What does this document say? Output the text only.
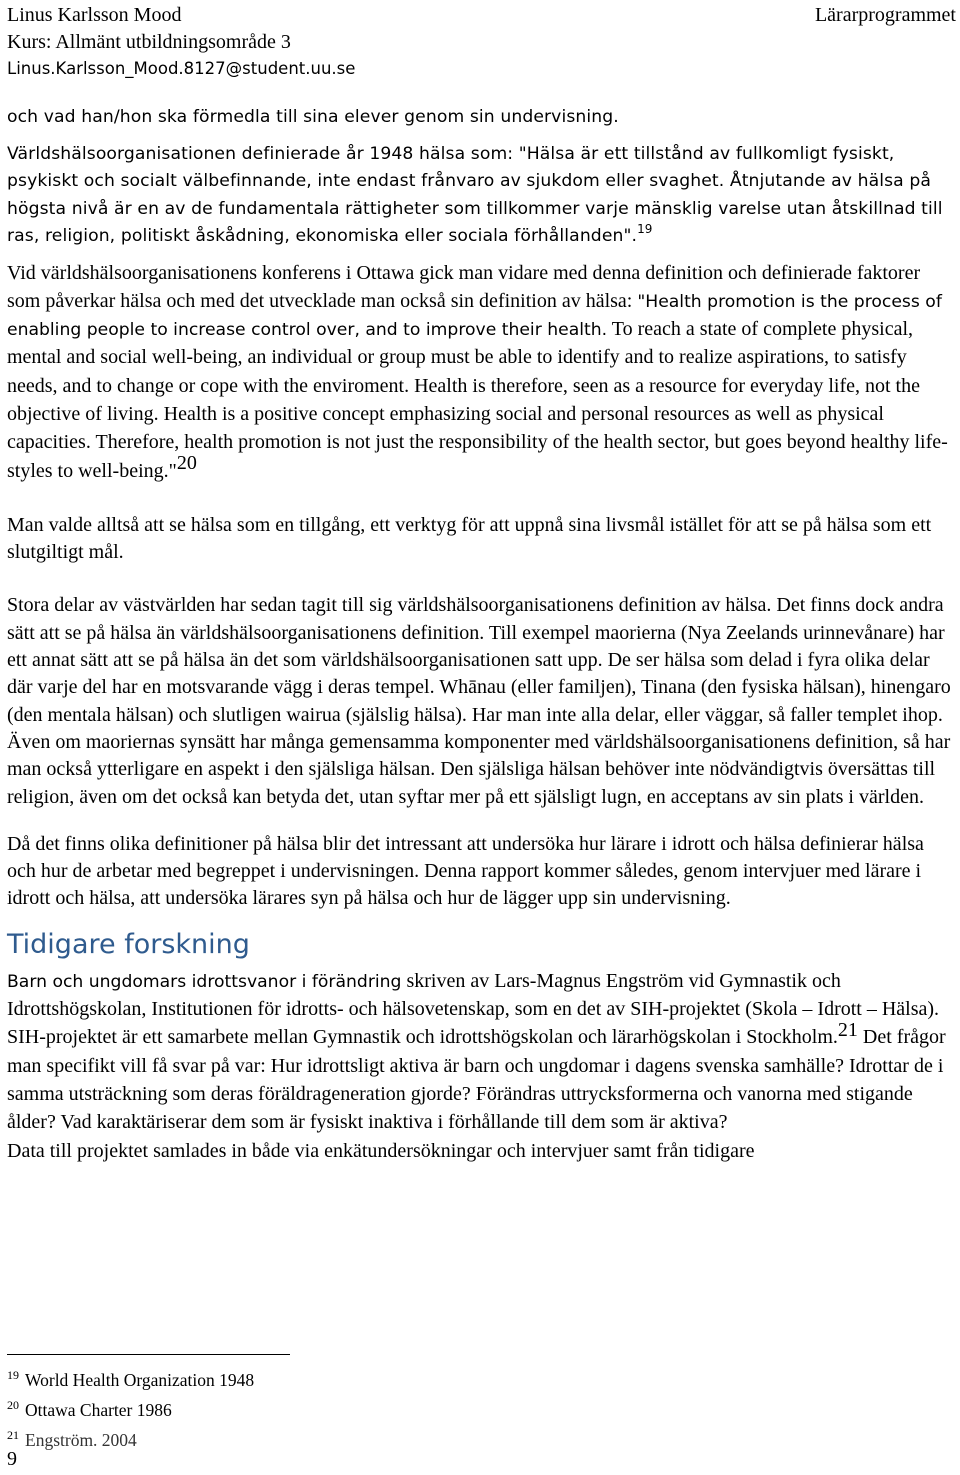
Linus Karlsson Mood
Kurs: Allmänt utbildningsområde 3
Linus.Karlsson_Mood.8127@student.uu.se
Lärarprogrammet

och vad han/hon ska förmedla till sina elever genom sin undervisning.

Världshälsoorganisationen definierade år 1948 hälsa som: "Hälsa är ett tillstånd av fullkomligt fysiskt, psykiskt och socialt välbefinnande, inte endast frånvaro av sjukdom eller svaghet. Åtnjutande av hälsa på högsta nivå är en av de fundamentala rättigheter som tillkommer varje mänsklig varelse utan åtskillnad till ras, religion, politiskt åskådning, ekonomiska eller sociala förhållanden".$^{19}$

Vid världshälsoorganisationens konferens i Ottawa gick man vidare med denna definition och definierade faktorer som påverkar hälsa och med det utvecklade man också sin definition av hälsa: "Health promotion is the process of enabling people to increase control over, and to improve their health. To reach a state of complete physical, mental and social well-being, an individual or group must be able to identify and to realize aspirations, to satisfy needs, and to change or cope with the enviroment. Health is therefore, seen as a resource for everyday life, not the objective of living. Health is a positive concept emphasizing social and personal resources as well as physical capacities. Therefore, health promotion is not just the responsibility of the health sector, but goes beyond healthy life-styles to well-being."$^{20}$

Man valde alltså att se hälsa som en tillgång, ett verktyg för att uppnå sina livsmål istället för att se på hälsa som ett slutgiltigt mål.

Stora delar av västvärlden har sedan tagit till sig världshälsoorganisationens definition av hälsa. Det finns dock andra sätt att se på hälsa än världshälsoorganisationens definition. Till exempel maorierna (Nya Zeelands urinnevånare) har ett annat sätt att se på hälsa än det som världshälsoorganisationen satt upp. De ser hälsa som delad i fyra olika delar där varje del har en motsvarande vägg i deras tempel. Whānau (eller familjen), Tinana (den fysiska hälsan), hinengaro (den mentala hälsan) och slutligen wairua (själslig hälsa). Har man inte alla delar, eller väggar, så faller templet ihop. Även om maoriernas synsätt har många gemensamma komponenter med världshälsoorganisationens definition, så har man också ytterligare en aspekt i den själsliga hälsan. Den själsliga hälsan behöver inte nödvändigtvis översättas till religion, även om det också kan betyda det, utan syftar mer på ett själsligt lugn, en acceptans av sin plats i världen.

Då det finns olika definitioner på hälsa blir det intressant att undersöka hur lärare i idrott och hälsa definierar hälsa och hur de arbetar med begreppet i undervisningen. Denna rapport kommer således, genom intervjuer med lärare i idrott och hälsa, att undersöka lärares syn på hälsa och hur de lägger upp sin undervisning.

Tidigare forskning

Barn och ungdomars idrottsvanor i förändring skriven av Lars-Magnus Engström vid Gymnastik och Idrottshögskolan, Institutionen för idrotts- och hälsovetenskap, som en det av SIH-projektet (Skola – Idrott – Hälsa). SIH-projektet är ett samarbete mellan Gymnastik och idrottshögskolan och lärarhögskolan i Stockholm.$^{21}$ Det frågor man specifikt vill få svar på var: Hur idrottsligt aktiva är barn och ungdomar i dagens svenska samhälle? Idrottar de i samma utsträckning som deras föräldrageneration gjorde? Förändras uttrycksformerna och vanorna med stigande ålder? Vad karaktäriserar dem som är fysiskt inaktiva i förhållande till dem som är aktiva?

Data till projektet samlades in både via enkätundersökningar och intervjuer samt från tidigare

$^{19}$ World Health Organization 1948
$^{20}$ Ottawa Charter 1986
$^{21}$ Engström. 2004
9
